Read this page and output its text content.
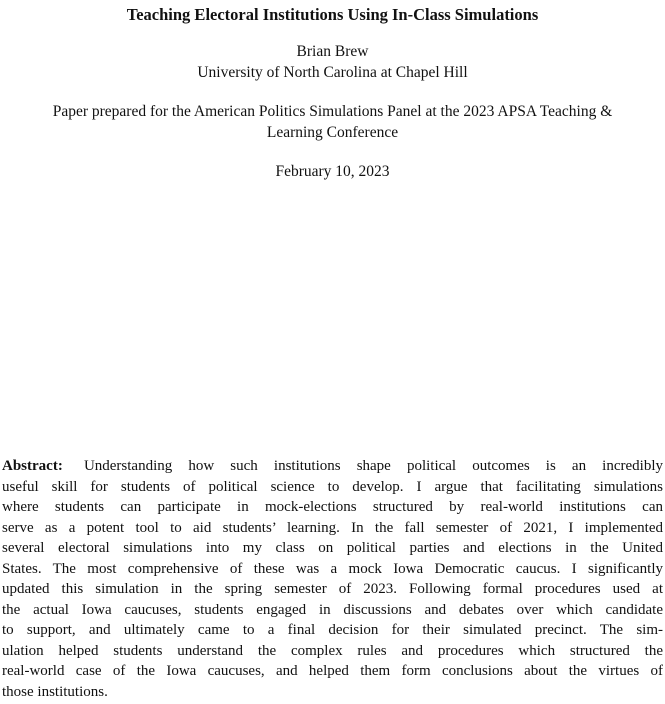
Teaching Electoral Institutions Using In-Class Simulations
Brian Brew
University of North Carolina at Chapel Hill
Paper prepared for the American Politics Simulations Panel at the 2023 APSA Teaching &
Learning Conference
February 10, 2023
Abstract: Understanding how such institutions shape political outcomes is an incredibly
useful skill for students of political science to develop. I argue that facilitating simulations
where students can participate in mock-elections structured by real-world institutions can
serve as a potent tool to aid students’ learning. In the fall semester of 2021, I implemented
several electoral simulations into my class on political parties and elections in the United
States. The most comprehensive of these was a mock Iowa Democratic caucus. I significantly
updated this simulation in the spring semester of 2023. Following formal procedures used at
the actual Iowa caucuses, students engaged in discussions and debates over which candidate
to support, and ultimately came to a final decision for their simulated precinct. The sim-
ulation helped students understand the complex rules and procedures which structured the
real-world case of the Iowa caucuses, and helped them form conclusions about the virtues of
those institutions.
